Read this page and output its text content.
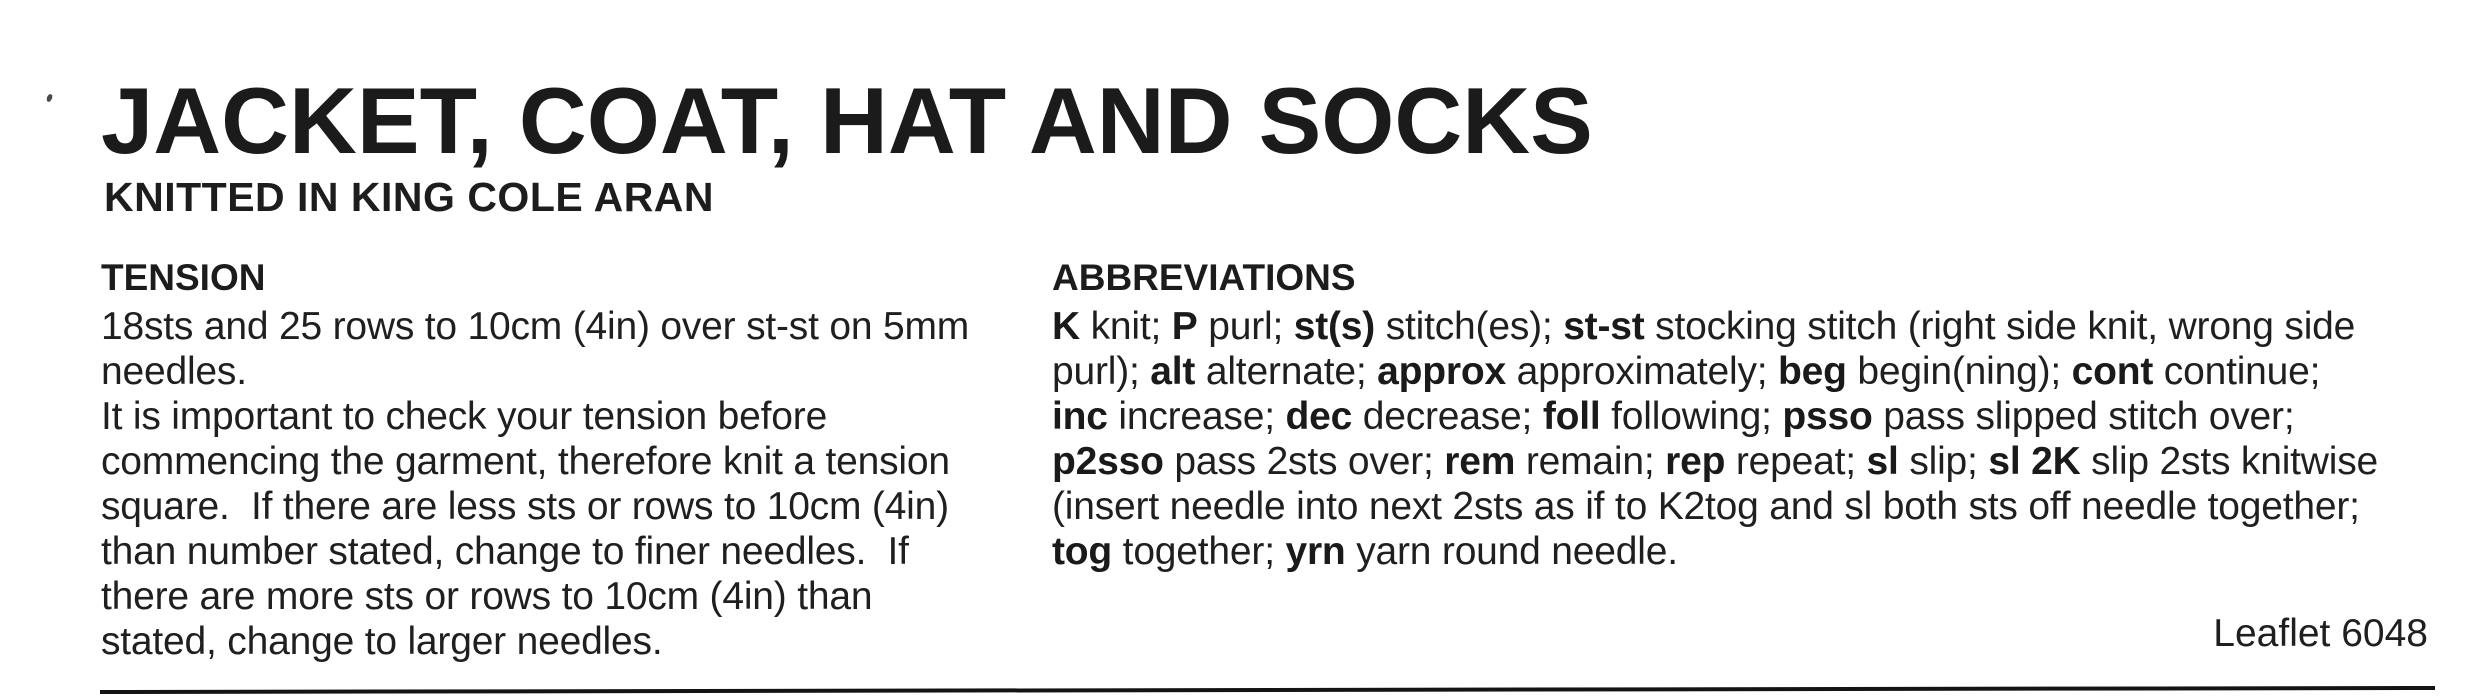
JACKET, COAT, HAT AND SOCKS
KNITTED IN KING COLE ARAN
TENSION
18sts and 25 rows to 10cm (4in) over st-st on 5mm
needles.
It is important to check your tension before
commencing the garment, therefore knit a tension
square.  If there are less sts or rows to 10cm (4in)
than number stated, change to finer needles.  If
there are more sts or rows to 10cm (4in) than
stated, change to larger needles.
ABBREVIATIONS
K knit; P purl; st(s) stitch(es); st-st stocking stitch (right side knit, wrong side
purl); alt alternate; approx approximately; beg begin(ning); cont continue;
inc increase; dec decrease; foll following; psso pass slipped stitch over;
p2sso pass 2sts over; rem remain; rep repeat; sl slip; sl 2K slip 2sts knitwise
(insert needle into next 2sts as if to K2tog and sl both sts off needle together;
tog together; yrn yarn round needle.
Leaflet 6048
